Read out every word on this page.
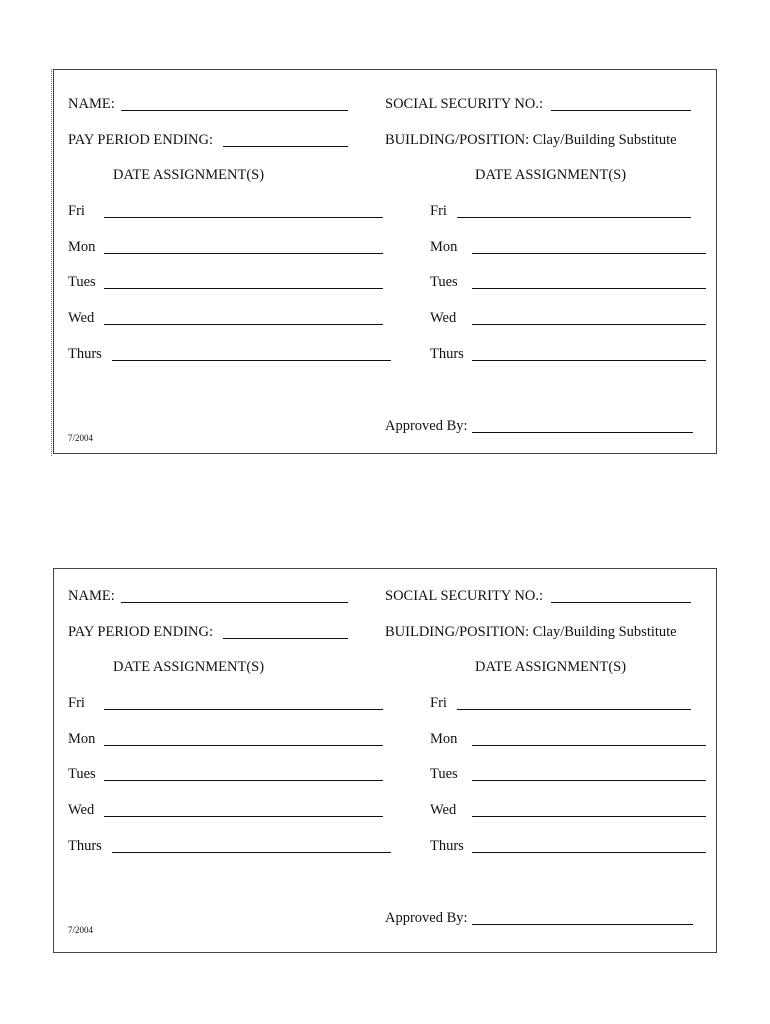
NAME:	SOCIAL SECURITY NO.:
PAY PERIOD ENDING:	BUILDING/POSITION: Clay/Building Substitute
DATE ASSIGNMENT(S)	DATE ASSIGNMENT(S)
Fri	Fri
Mon	Mon
Tues	Tues
Wed	Wed
Thurs	Thurs
Approved By:
7/2004
NAME:	SOCIAL SECURITY NO.:
PAY PERIOD ENDING:	BUILDING/POSITION: Clay/Building Substitute
DATE ASSIGNMENT(S)	DATE ASSIGNMENT(S)
Fri	Fri
Mon	Mon
Tues	Tues
Wed	Wed
Thurs	Thurs
Approved By:
7/2004
